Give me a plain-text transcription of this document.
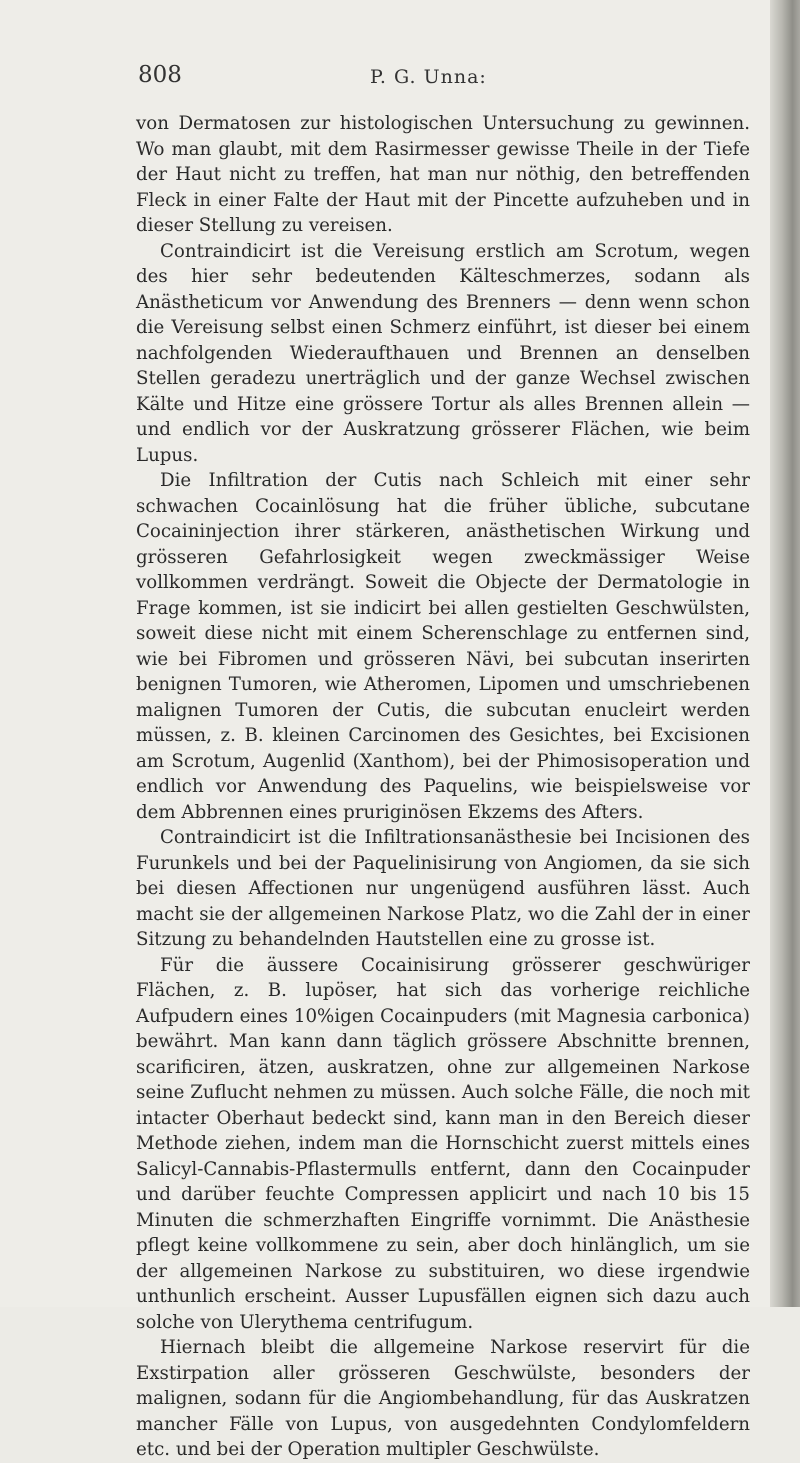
808	P. G. Unna:

von Dermatosen zur histologischen Untersuchung zu gewinnen. Wo man glaubt, mit dem Rasirmesser gewisse Theile in der Tiefe der Haut nicht zu treffen, hat man nur nöthig, den betreffenden Fleck in einer Falte der Haut mit der Pincette aufzuheben und in dieser Stellung zu vereisen.

Contraindicirt ist die Vereisung erstlich am Scrotum, wegen des hier sehr bedeutenden Kälteschmerzes, sodann als Anästheticum vor Anwendung des Brenners — denn wenn schon die Vereisung selbst einen Schmerz einführt, ist dieser bei einem nachfolgenden Wiederaufthauen und Brennen an denselben Stellen geradezu unerträglich und der ganze Wechsel zwischen Kälte und Hitze eine grössere Tortur als alles Brennen allein — und endlich vor der Auskratzung grösserer Flächen, wie beim Lupus.

Die Infiltration der Cutis nach Schleich mit einer sehr schwachen Cocainlösung hat die früher übliche, subcutane Cocaininjection ihrer stärkeren, anästhetischen Wirkung und grösseren Gefahrlosigkeit wegen zweckmässiger Weise vollkommen verdrängt. Soweit die Objecte der Dermatologie in Frage kommen, ist sie indicirt bei allen gestielten Geschwülsten, soweit diese nicht mit einem Scherenschlage zu entfernen sind, wie bei Fibromen und grösseren Nävi, bei subcutan inserirten benignen Tumoren, wie Atheromen, Lipomen und umschriebenen malignen Tumoren der Cutis, die subcutan enucleirt werden müssen, z. B. kleinen Carcinomen des Gesichtes, bei Excisionen am Scrotum, Augenlid (Xanthom), bei der Phimosisoperation und endlich vor Anwendung des Paquelins, wie beispielsweise vor dem Abbrennen eines pruriginösen Ekzems des Afters.

Contraindicirt ist die Infiltrationsanästhesie bei Incisionen des Furunkels und bei der Paquelinisirung von Angiomen, da sie sich bei diesen Affectionen nur ungenügend ausführen lässt. Auch macht sie der allgemeinen Narkose Platz, wo die Zahl der in einer Sitzung zu behandelnden Hautstellen eine zu grosse ist.

Für die äussere Cocainisirung grösserer geschwüriger Flächen, z. B. lupöser, hat sich das vorherige reichliche Aufpudern eines 10%igen Cocainpuders (mit Magnesia carbonica) bewährt. Man kann dann täglich grössere Abschnitte brennen, scarificiren, ätzen, auskratzen, ohne zur allgemeinen Narkose seine Zuflucht nehmen zu müssen. Auch solche Fälle, die noch mit intacter Oberhaut bedeckt sind, kann man in den Bereich dieser Methode ziehen, indem man die Hornschicht zuerst mittels eines Salicyl-Cannabis-Pflastermulls entfernt, dann den Cocainpuder und darüber feuchte Compressen applicirt und nach 10 bis 15 Minuten die schmerzhaften Eingriffe vornimmt. Die Anästhesie pflegt keine vollkommene zu sein, aber doch hinlänglich, um sie der allgemeinen Narkose zu substituiren, wo diese irgendwie unthunlich erscheint. Ausser Lupusfällen eignen sich dazu auch solche von Ulerythema centrifugum.

Hiernach bleibt die allgemeine Narkose reservirt für die Exstirpation aller grösseren Geschwülste, besonders der malignen, sodann für die Angiombehandlung, für das Auskratzen mancher Fälle von Lupus, von ausgedehnten Condylomfeldern etc. und bei der Operation multipler Geschwülste.
